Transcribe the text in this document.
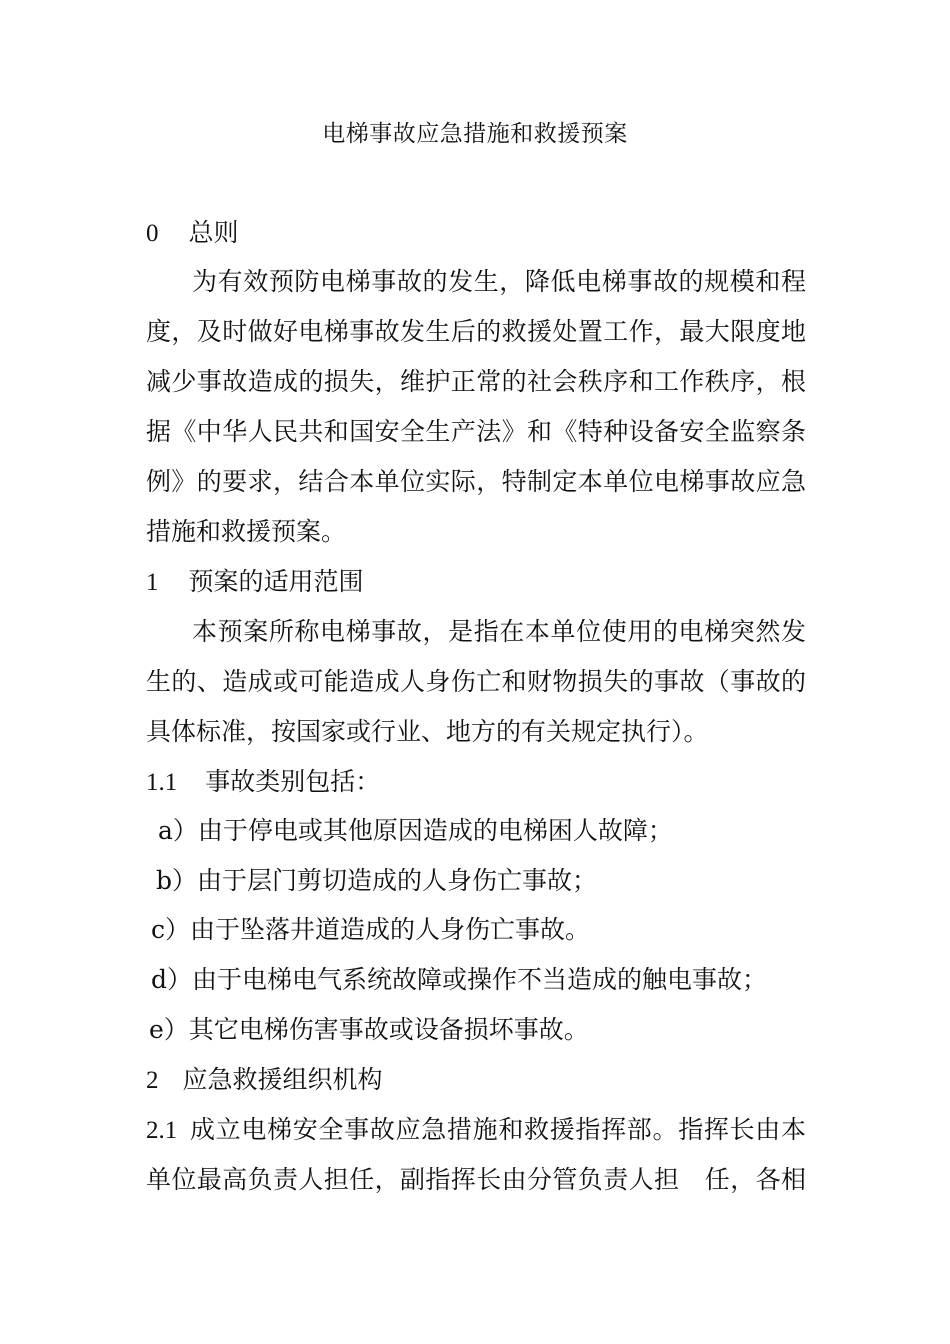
电梯事故应急措施和救援预案
0 总则
为有效预防电梯事故的发生，降低电梯事故的规模和程
度，及时做好电梯事故发生后的救援处置工作，最大限度地
减少事故造成的损失，维护正常的社会秩序和工作秩序，根
据《中华人民共和国安全生产法》和《特种设备安全监察条
例》的要求，结合本单位实际，特制定本单位电梯事故应急
措施和救援预案。
1 预案的适用范围
本预案所称电梯事故，是指在本单位使用的电梯突然发
生的、造成或可能造成人身伤亡和财物损失的事故（事故的
具体标准，按国家或行业、地方的有关规定执行）。
1.1 事故类别包括：
a）由于停电或其他原因造成的电梯困人故障；
b）由于层门剪切造成的人身伤亡事故；
c）由于坠落井道造成的人身伤亡事故。
d）由于电梯电气系统故障或操作不当造成的触电事故；
e）其它电梯伤害事故或设备损坏事故。
2 应急救援组织机构
2.1 成立电梯安全事故应急措施和救援指挥部。指挥长由本
单位最高负责人担任，副指挥长由分管负责人担　任，各相
